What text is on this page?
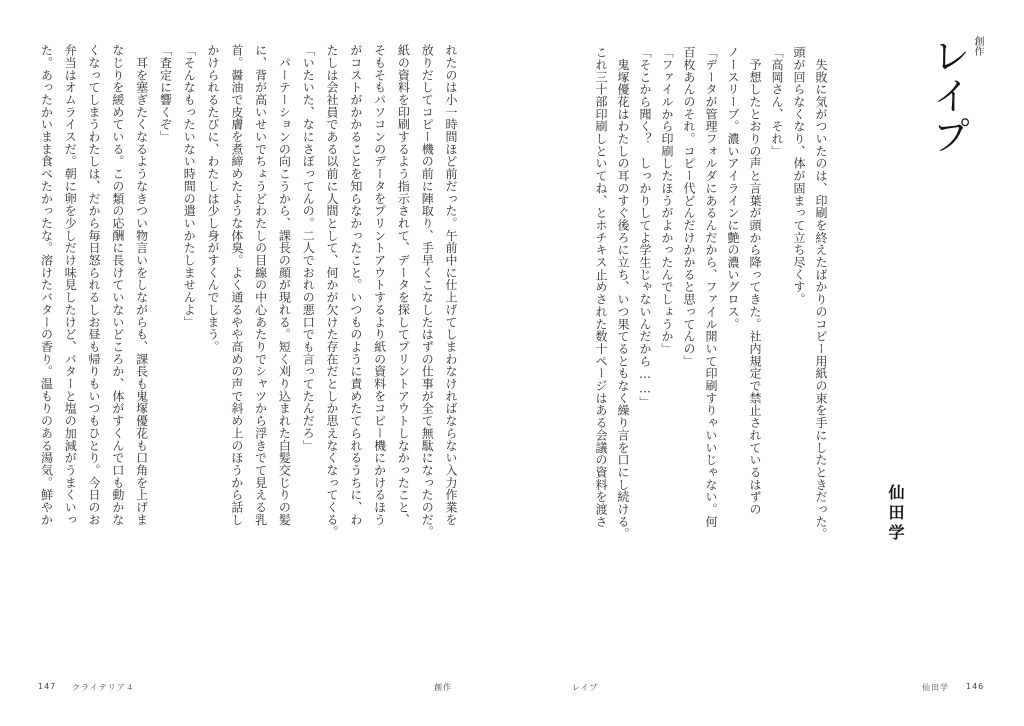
創作
レイプ
仙田学
　失敗に気がついたのは、印刷を終えたばかりのコピー用紙の束を手にしたときだった。
頭が回らなくなり、体が固まって立ち尽くす。
「高岡さん、それ」
　予想したとおりの声と言葉が頭から降ってきた。社内規定で禁止されているはずの
ノースリーブ。濃いアイラインに艶の濃いグロス。
「データが管理フォルダにあるんだから、ファイル開いて印刷すりゃいいじゃない。何
百枚あんのそれ。コピー代どんだけかかると思ってんの」
「ファイルから印刷したほうがよかったんでしょうか」
「そこから聞く？　しっかりしてよ学生じゃないんだから……」
　鬼塚優花はわたしの耳のすぐ後ろに立ち、いつ果てるともなく繰り言を口にし続ける。
これ三十部印刷しといてね、とホチキス止めされた数十ページはある会議の資料を渡さ
れたのは小一時間ほど前だった。午前中に仕上げてしまわなければならない入力作業を
放りだしてコピー機の前に陣取り、手早くこなしたはずの仕事が全て無駄になったのだ。
紙の資料を印刷するよう指示されて、データを探してプリントアウトしなかったこと、
そもそもパソコンのデータをプリントアウトするより紙の資料をコピー機にかけるほう
がコストがかかることを知らなかったこと。いつものように責めたてられるうちに、わ
たしは会社員である以前に人間として、何かが欠けた存在だとしか思えなくなってくる。
「いたいた、なにさぼってんの。二人でおれの悪口でも言ってたんだろ」
　パーテーションの向こうから、課長の顔が現れる。短く刈り込まれた白髪交じりの髪
に、背が高いせいでちょうどわたしの目線の中心あたりでシャツから浮きでて見える乳
首。醤油で皮膚を煮締めたような体臭。よく通るやや高めの声で斜め上のほうから話し
かけられるたびに、わたしは少し身がすくんでしまう。
「そんなもったいない時間の遣いかたしませんよ」
「査定に響くぞ」
　耳を塞ぎたくなるようなきつい物言いをしながらも、課長も鬼塚優花も口角を上げま
なじりを緩めている。この類の応酬に長けていないどころか、体がすくんで口も動かな
くなってしまうわたしは、だから毎日怒られるしお昼も帰りもいつもひとり。今日のお
弁当はオムライスだ。朝に卵を少しだけ味見したけど、バターと塩の加減がうまくいっ
た。あったかいまま食べたかったな。溶けたバターの香り。温もりのある湯気。鮮やか
147 クライテリア４	創作	レイプ	仙田学 146
